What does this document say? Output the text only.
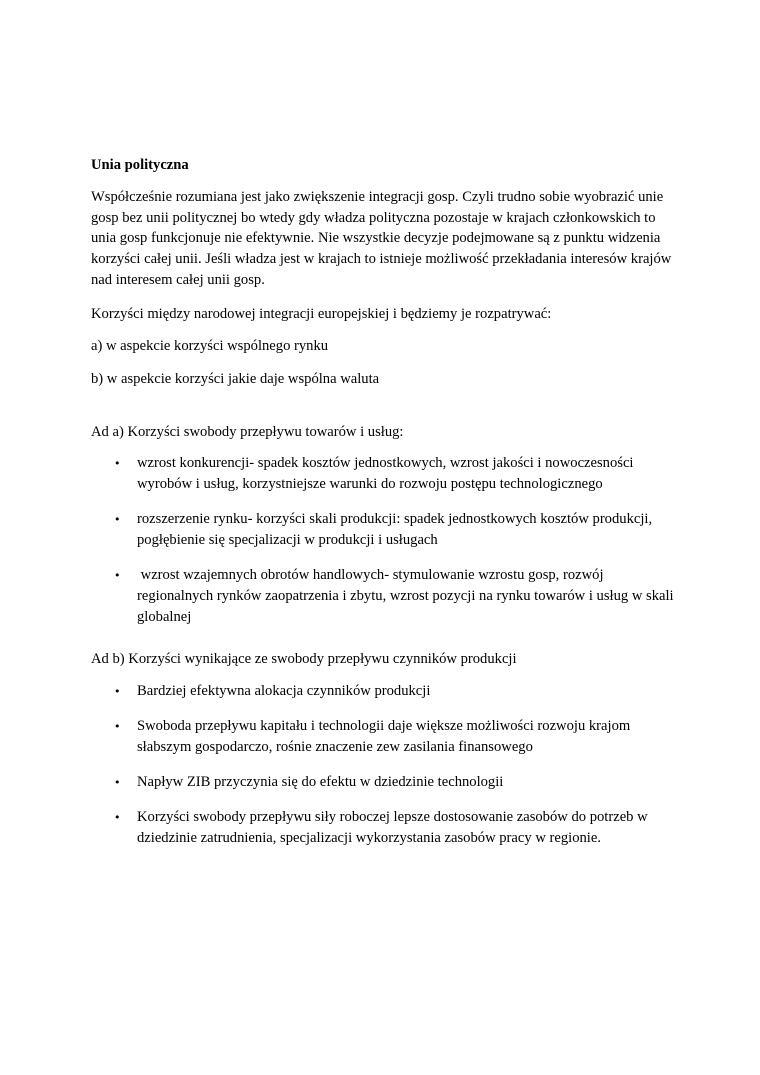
Unia polityczna

Współcześnie rozumiana jest jako zwiększenie integracji gosp. Czyli trudno sobie wyobrazić unie gosp bez unii politycznej bo wtedy gdy władza polityczna pozostaje w krajach członkowskich to unia gosp funkcjonuje nie efektywnie. Nie wszystkie decyzje podejmowane są z punktu widzenia korzyści całej unii. Jeśli władza jest w krajach to istnieje możliwość przekładania interesów krajów nad interesem całej unii gosp.

Korzyści między narodowej integracji europejskiej i będziemy je rozpatrywać:

a) w aspekcie korzyści wspólnego rynku

b) w aspekcie korzyści jakie daje wspólna waluta

Ad a) Korzyści swobody przepływu towarów i usług:
• wzrost konkurencji- spadek kosztów jednostkowych, wzrost jakości i nowoczesności wyrobów i usług, korzystniejsze warunki do rozwoju postępu technologicznego
• rozszerzenie rynku- korzyści skali produkcji: spadek jednostkowych kosztów produkcji, pogłębienie się specjalizacji w produkcji i usługach
• wzrost wzajemnych obrotów handlowych- stymulowanie wzrostu gosp, rozwój regionalnych rynków zaopatrzenia i zbytu, wzrost pozycji na rynku towarów i usług w skali globalnej
Ad b) Korzyści wynikające ze swobody przepływu czynników produkcji
• Bardziej efektywna alokacja czynników produkcji
• Swoboda przepływu kapitału i technologii daje większe możliwości rozwoju krajom słabszym gospodarczo, rośnie znaczenie zew zasilania finansowego
• Napływ ZIB przyczynia się do efektu w dziedzinie technologii
• Korzyści swobody przepływu siły roboczej lepsze dostosowanie zasobów do potrzeb w dziedzinie zatrudnienia, specjalizacji wykorzystania zasobów pracy w regionie.
